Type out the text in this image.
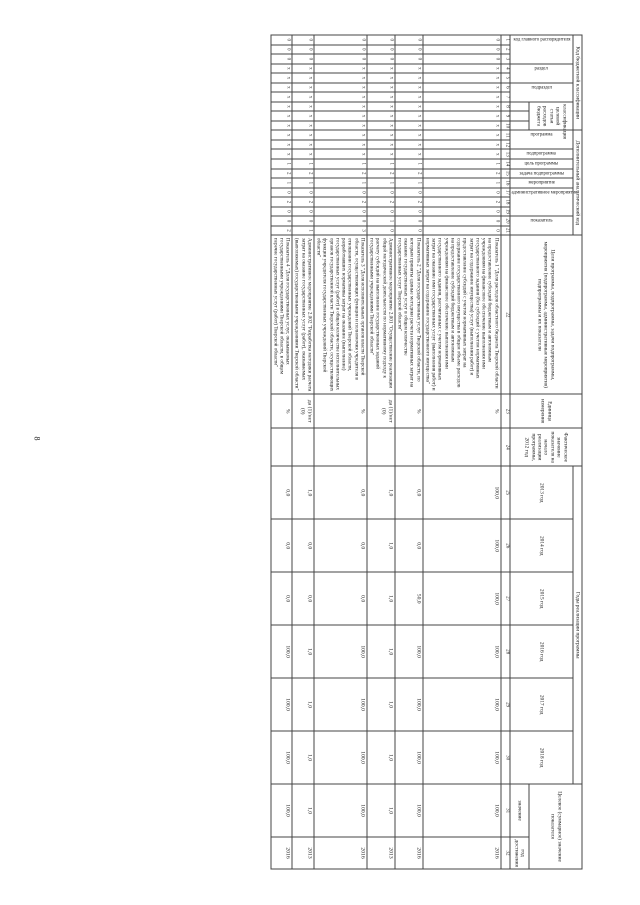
8
Код бюджетной классификации										Дополнительный аналитический код											Цели программы, подпрограммы, задачи подпрограммы, мероприятия (подпрограммы, административные мероприятия) подпрограммы и их показатели	Единица измерения	Фактическое значение показателя на начало реализации программы, 2012 год	Годы реализации программы						Целевое (суммарное) значение показателя	

код главного распорядителя			раздел		подраздел		классификация целевой статьи расходов бюджета			программа		подпрограмма	цель программы	задача подпрограммы	мероприятие	административное мероприятие			показатель					2013 год	2014 год	2015 год	2016 год	2017 год	2018 год		
																														значение	год достижения
1	2	3	4	5	6	7	8	9	10	11	12	13	14	15	16	17	18	19	20	21	22	23	24	25	26	27	28	29	30	31	32
0	0	0	x	x	x	x	x	x	x	x	x	x	1	2	1	0	2	0	0	0	Показатель 1 "Доля расходов областного бюджета Тверской области на предоставление субсидий бюджетным и автономным учреждениям на финансовое обеспечение выполнения ими государственного задания (без субсидий с учетом нормативных затрат на содержание имущества) услуг (выполнения работ) и предоставление субсидий с учетом нормативных затрат на содержание государственного имущества в общем объеме расходов на предоставление субсидий бюджетным и автономным учреждениям на финансовое обеспечение выполнения ими государственного задания, рассчитанных с учетом нормативных затрат на оказание ими государственных услуг (выполнения работ) и нормативных затрат на содержание государственного имущества"	%		100,0	100,0	100,0	100,0	100,0	100,0	100,0	2016
0	0	0	x	x	x	x	x	x	x	x	x	x	1	2	1	0	2	0	0	0	Показатель 2 "Доля государственных услуг Тверской области, по которым приняты единые методики расчета нормативных затрат на оказание государственных услуг в общем количестве государственных услуг Тверской области"	%		0,0	0,0	50,0	100,0	100,0	100,0	100,0	2016
0	0	0	x	x	x	x	x	x	x	x	x	x	1	2	1	0	2	0	1	0	Административное мероприятие 2.001 "Осуществление реализации общей методической деятельности по нормативному подходу к расчету субсидий на выполнение государственных заданий государственными учреждениями Тверской области"	да (1)/нет (0)		1,0	1,0	1,0	1,0	1,0	1,0	1,0	2013
0	0	0	x	x	x	x	x	x	x	x	x	x	1	2	1	0	2	0	0	3	Показатель 3 "Доля исполнительных органов власти Тверской области, осуществляющих функции и полномочия учредителя в отношении государственных учреждений Тверской области, разработавших нормативы затрат на оказание (выполнение) государственных услуг (работ) в общем количестве исполнительных органов государственной власти Тверской области, осуществляющих функции учредителя государственных учреждений Тверской области"	%		0,0	0,0	0,0	100,0	100,0	100,0	100,0	2016
0	0	0	x	x	x	x	x	x	x	x	x	x	1	2	1	0	2	0	0	1	Административное мероприятие 2.002 "Разработка методики расчета затрат на оказание государственных услуг (работ), оказываемых (выполняемых) государственными учреждениями Тверской области"	да (1)/нет (0)		1,0	0,0	0,0	1,0	1,0	1,0	1,0	2013
0	0	0	x	x	x	x	x	x	x	x	x	x	1	2	1	0	2	0	0	2	Показатель 4 "Доля государственных услуг, оказываемых государственными учреждениями Тверской области, в общем перечне государственных услуг (работ) Тверской области"	%		0,0	0,0	0,0	100,0	100,0	100,0	100,0	2016
